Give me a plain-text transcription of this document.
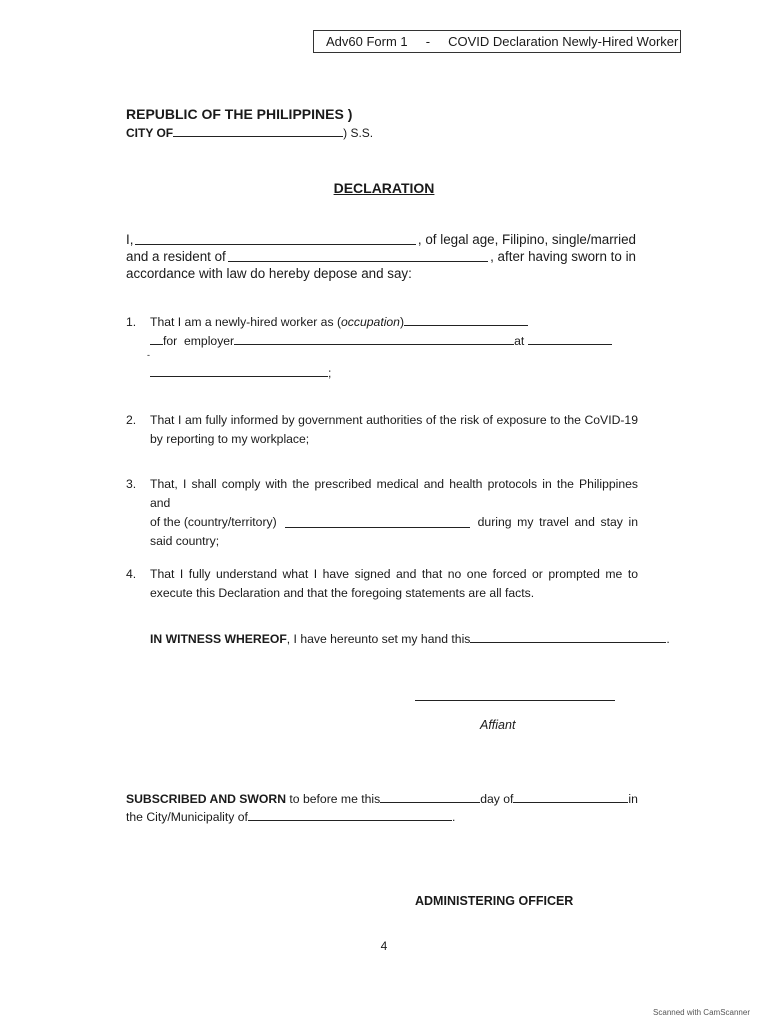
Adv60 Form 1 - COVID Declaration Newly-Hired Worker
REPUBLIC OF THE PHILIPPINES )
CITY OF	) S.S.
DECLARATION
I,	, of legal age, Filipino, single/married
and a resident of	, after having sworn to in
accordance with law do hereby depose and say:
1. That I am a newly-hired worker as (occupation)
for  employer	at
-
;
2. That I am fully informed by government authorities of the risk of exposure to the CoVID-19 by reporting to my workplace;
3. That, I shall comply with the prescribed medical and health protocols in the Philippines and
of the (country/territory)	during my travel and stay in
said country;
4. That I fully understand what I have signed and that no one forced or prompted me to execute this Declaration and that the foregoing statements are all facts.
IN WITNESS WHEREOF, I have hereunto set my hand this	.
Affiant
SUBSCRIBED AND SWORN to before me this	day of	in
the City/Municipality of	.
ADMINISTERING OFFICER
4
Scanned with CamScanner
